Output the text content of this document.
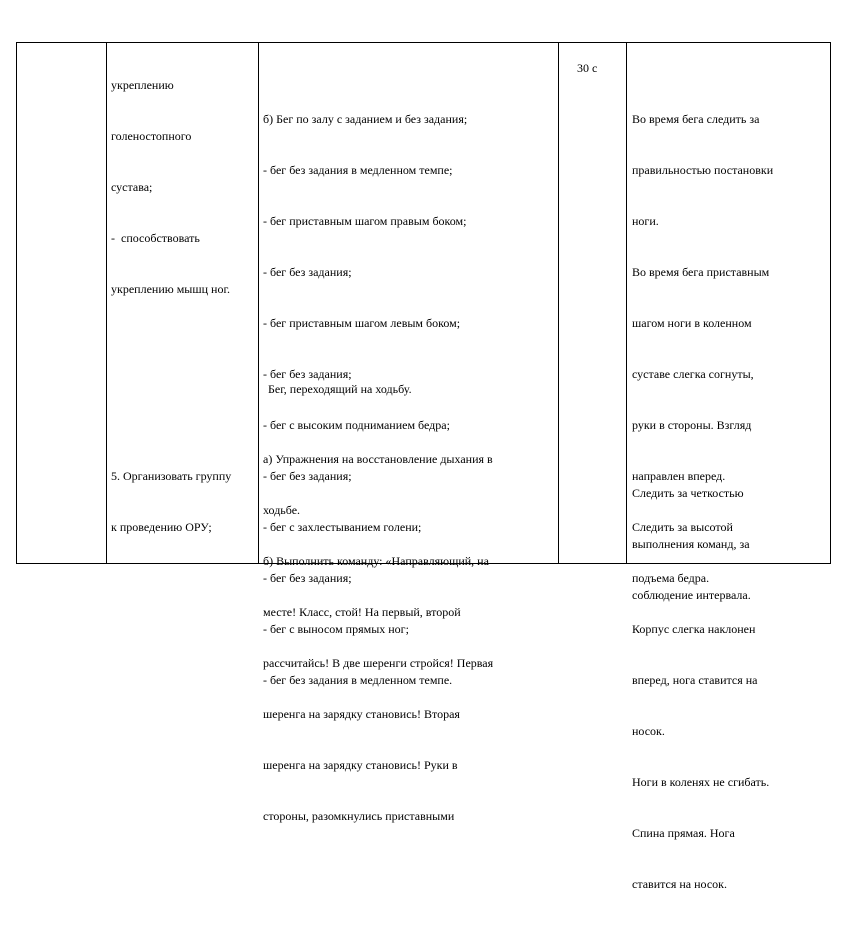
укреплению

голеностопного

сустава;

-  способствовать

укреплению мышц ног.

5. Организовать группу

к проведению ОРУ;

б) Бег по залу с заданием и без задания;

- бег без задания в медленном темпе;

- бег приставным шагом правым боком;

- бег без задания;

- бег приставным шагом левым боком;

- бег без задания;

- бег с высоким подниманием бедра;

- бег без задания;

- бег с захлестыванием голени;

- бег без задания;

- бег с выносом прямых ног;

- бег без задания в медленном темпе.

Бег, переходящий на ходьбу.

а) Упражнения на восстановление дыхания в

ходьбе.

б) Выполнить команду: «Направляющий, на

месте! Класс, стой! На первый, второй

рассчитайсь! В две шеренги стройся! Первая

шеренга на зарядку становись! Вторая

шеренга на зарядку становись! Руки в

стороны, разомкнулись приставными

30 с

Во время бега следить за

правильностью постановки

ноги.

Во время бега приставным

шагом ноги в коленном

суставе слегка согнуты,

руки в стороны. Взгляд

направлен вперед.

Следить за высотой

подъема бедра.

Корпус слегка наклонен

вперед, нога ставится на

носок.

Ноги в коленях не сгибать.

Спина прямая. Нога

ставится на носок.

Следить за четкостью

выполнения команд, за

соблюдение интервала.
